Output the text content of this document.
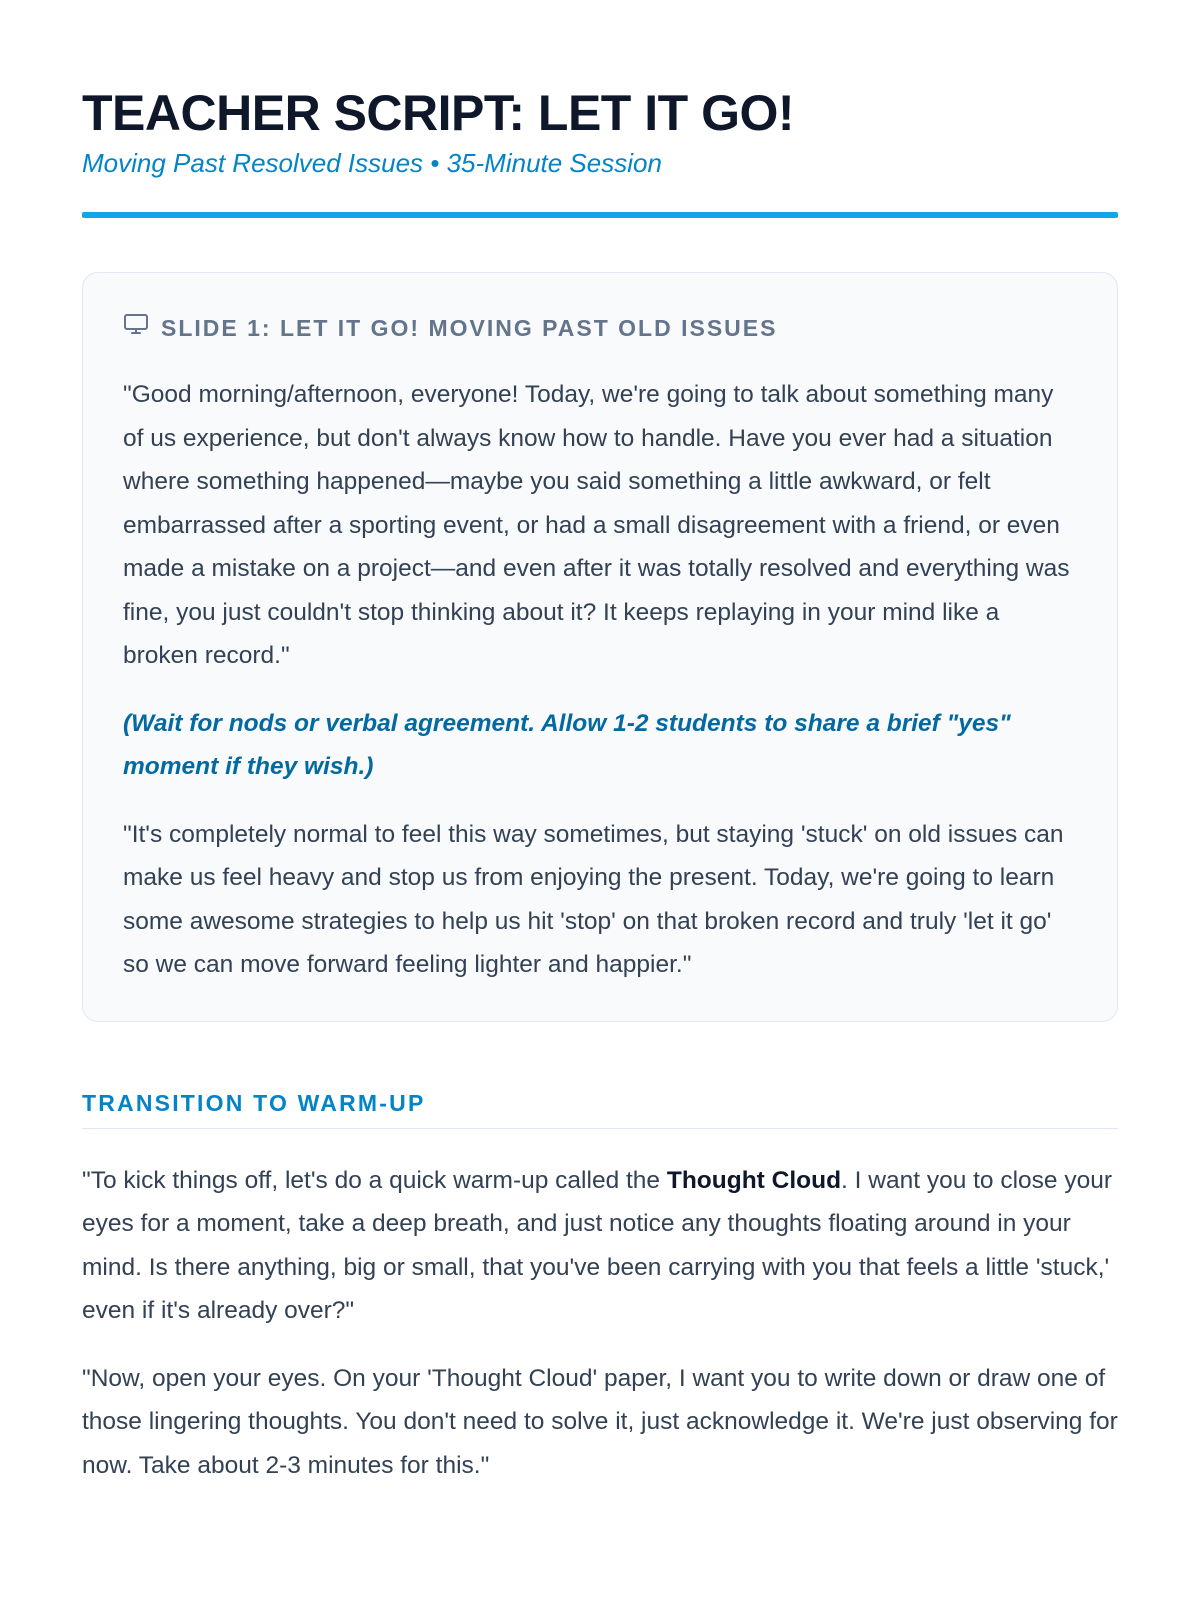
TEACHER SCRIPT: LET IT GO!
Moving Past Resolved Issues • 35-Minute Session
SLIDE 1: LET IT GO! MOVING PAST OLD ISSUES

"Good morning/afternoon, everyone! Today, we're going to talk about something many of us experience, but don't always know how to handle. Have you ever had a situation where something happened—maybe you said something a little awkward, or felt embarrassed after a sporting event, or had a small disagreement with a friend, or even made a mistake on a project—and even after it was totally resolved and everything was fine, you just couldn't stop thinking about it? It keeps replaying in your mind like a broken record."

(Wait for nods or verbal agreement. Allow 1-2 students to share a brief "yes" moment if they wish.)

"It's completely normal to feel this way sometimes, but staying 'stuck' on old issues can make us feel heavy and stop us from enjoying the present. Today, we're going to learn some awesome strategies to help us hit 'stop' on that broken record and truly 'let it go' so we can move forward feeling lighter and happier."

TRANSITION TO WARM-UP

"To kick things off, let's do a quick warm-up called the Thought Cloud. I want you to close your eyes for a moment, take a deep breath, and just notice any thoughts floating around in your mind. Is there anything, big or small, that you've been carrying with you that feels a little 'stuck,' even if it's already over?"

"Now, open your eyes. On your 'Thought Cloud' paper, I want you to write down or draw one of those lingering thoughts. You don't need to solve it, just acknowledge it. We're just observing for now. Take about 2-3 minutes for this."
